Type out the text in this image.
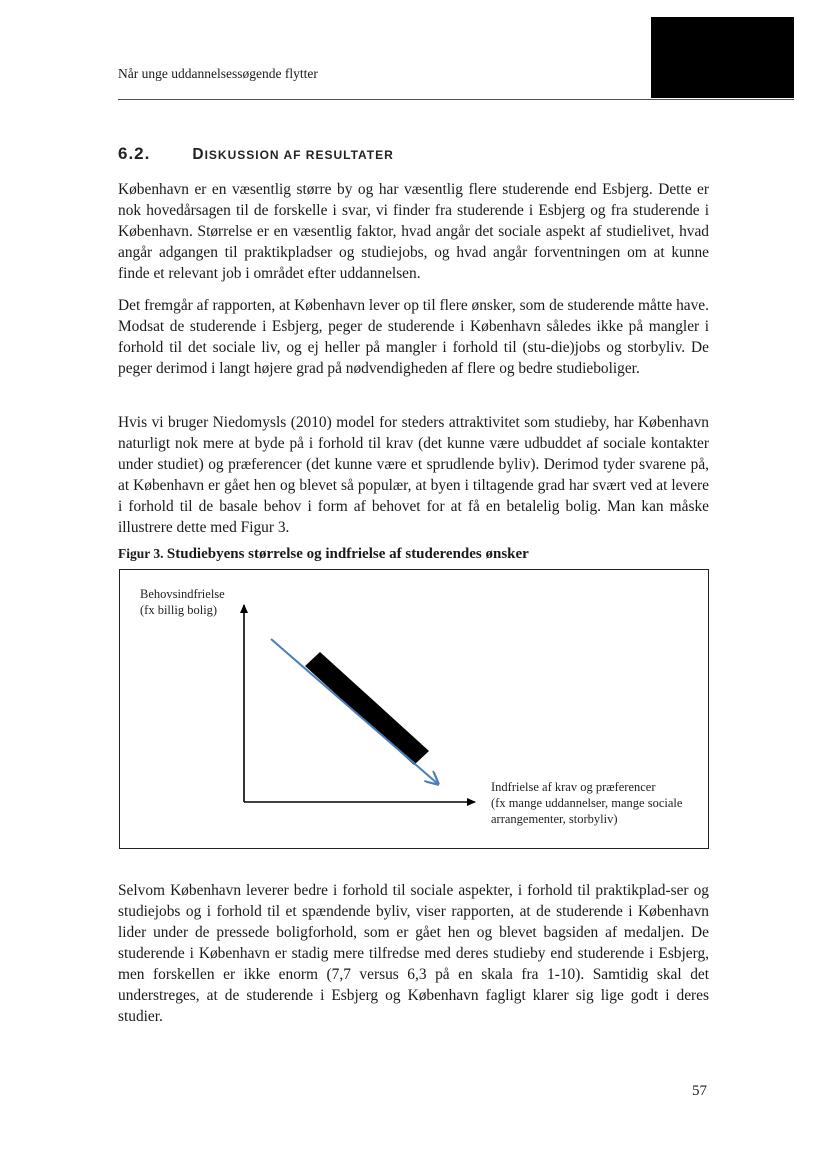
Når unge uddannelsessøgende flytter
6.2.	DISKUSSION AF RESULTATER

København er en væsentlig større by og har væsentlig flere studerende end Esbjerg. Dette er nok hovedårsagen til de forskelle i svar, vi finder fra studerende i Esbjerg og fra studerende i København. Størrelse er en væsentlig faktor, hvad angår det sociale aspekt af studielivet, hvad angår adgangen til praktikpladser og studiejobs, og hvad angår forventningen om at kunne finde et relevant job i området efter uddannelsen.

Det fremgår af rapporten, at København lever op til flere ønsker, som de studerende måtte have. Modsat de studerende i Esbjerg, peger de studerende i København således ikke på mangler i forhold til det sociale liv, og ej heller på mangler i forhold til (stu-die)jobs og storbyliv. De peger derimod i langt højere grad på nødvendigheden af flere og bedre studieboliger.

Hvis vi bruger Niedomysls (2010) model for steders attraktivitet som studieby, har København naturligt nok mere at byde på i forhold til krav (det kunne være udbuddet af sociale kontakter under studiet) og præferencer (det kunne være et sprudlende byliv). Derimod tyder svarene på, at København er gået hen og blevet så populær, at byen i tiltagende grad har svært ved at levere i forhold til de basale behov i form af behovet for at få en betalelig bolig. Man kan måske illustrere dette med Figur 3.

Figur 3. Studiebyens størrelse og indfrielse af studerendes ønsker
Behovsindfrielse
(fx billig bolig)
Indfrielse af krav og præferencer
(fx mange uddannelser, mange sociale
arrangementer, storbyliv)

Selvom København leverer bedre i forhold til sociale aspekter, i forhold til praktikplad-ser og studiejobs og i forhold til et spændende byliv, viser rapporten, at de studerende i København lider under de pressede boligforhold, som er gået hen og blevet bagsiden af medaljen. De studerende i København er stadig mere tilfredse med deres studieby end studerende i Esbjerg, men forskellen er ikke enorm (7,7 versus 6,3 på en skala fra 1-10). Samtidig skal det understreges, at de studerende i Esbjerg og København fagligt klarer sig lige godt i deres studier.

57
